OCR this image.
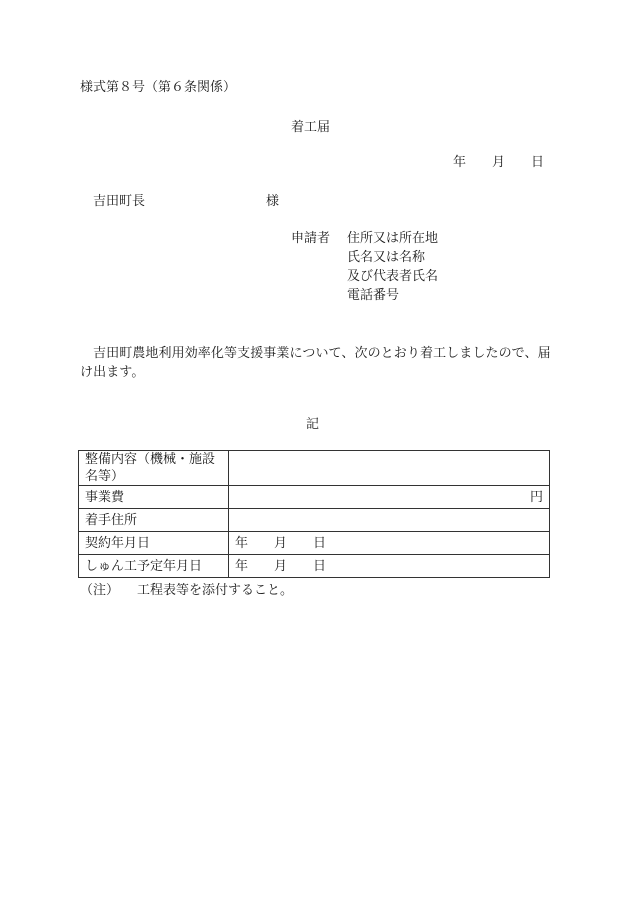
様式第８号（第６条関係）
着工届
年 月 日
吉田町長	様
申請者 住所又は所在地
氏名又は名称
及び代表者氏名
電話番号
吉田町農地利用効率化等支援事業について、次のとおり着工しましたので、届け出ます。
記
整備内容（機械・施設名等）	
事業費	円
着手住所	
契約年月日	年 月 日
しゅん工予定年月日	年 月 日
（注） 工程表等を添付すること。
